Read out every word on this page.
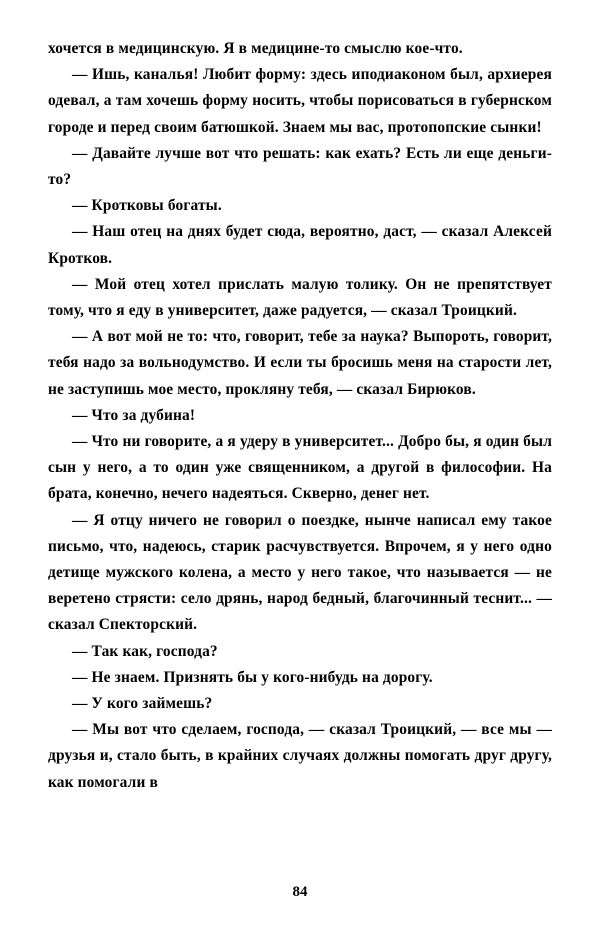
хочется в медицинскую. Я в медицине-то смыслю кое-что.

— Ишь, каналья! Любит форму: здесь иподиаконом был, архиерея одевал, а там хочешь форму носить, чтобы порисоваться в губернском городе и перед своим батюшкой. Знаем мы вас, протопопские сынки!

— Давайте лучше вот что решать: как ехать? Есть ли еще деньги-то?

— Кротковы богаты.

— Наш отец на днях будет сюда, вероятно, даст, — сказал Алексей Кротков.

— Мой отец хотел прислать малую толику. Он не препятствует тому, что я еду в университет, даже радуется, — сказал Троицкий.

— А вот мой не то: что, говорит, тебе за наука? Выпороть, говорит, тебя надо за вольнодумство. И если ты бросишь меня на старости лет, не заступишь мое место, прокляну тебя, — сказал Бирюков.

— Что за дубина!

— Что ни говорите, а я удеру в университет... Добро бы, я один был сын у него, а то один уже священником, а другой в философии. На брата, конечно, нечего надеяться. Скверно, денег нет.

— Я отцу ничего не говорил о поездке, нынче написал ему такое письмо, что, надеюсь, старик расчувствуется. Впрочем, я у него одно детище мужского колена, а место у него такое, что называется — не веретено стрясти: село дрянь, народ бедный, благочинный теснит... — сказал Спекторский.

— Так как, господа?

— Не знаем. Признять бы у кого-нибудь на дорогу.

— У кого займешь?

— Мы вот что сделаем, господа, — сказал Троицкий, — все мы — друзья и, стало быть, в крайних случаях должны помогать друг другу, как помогали в

84
